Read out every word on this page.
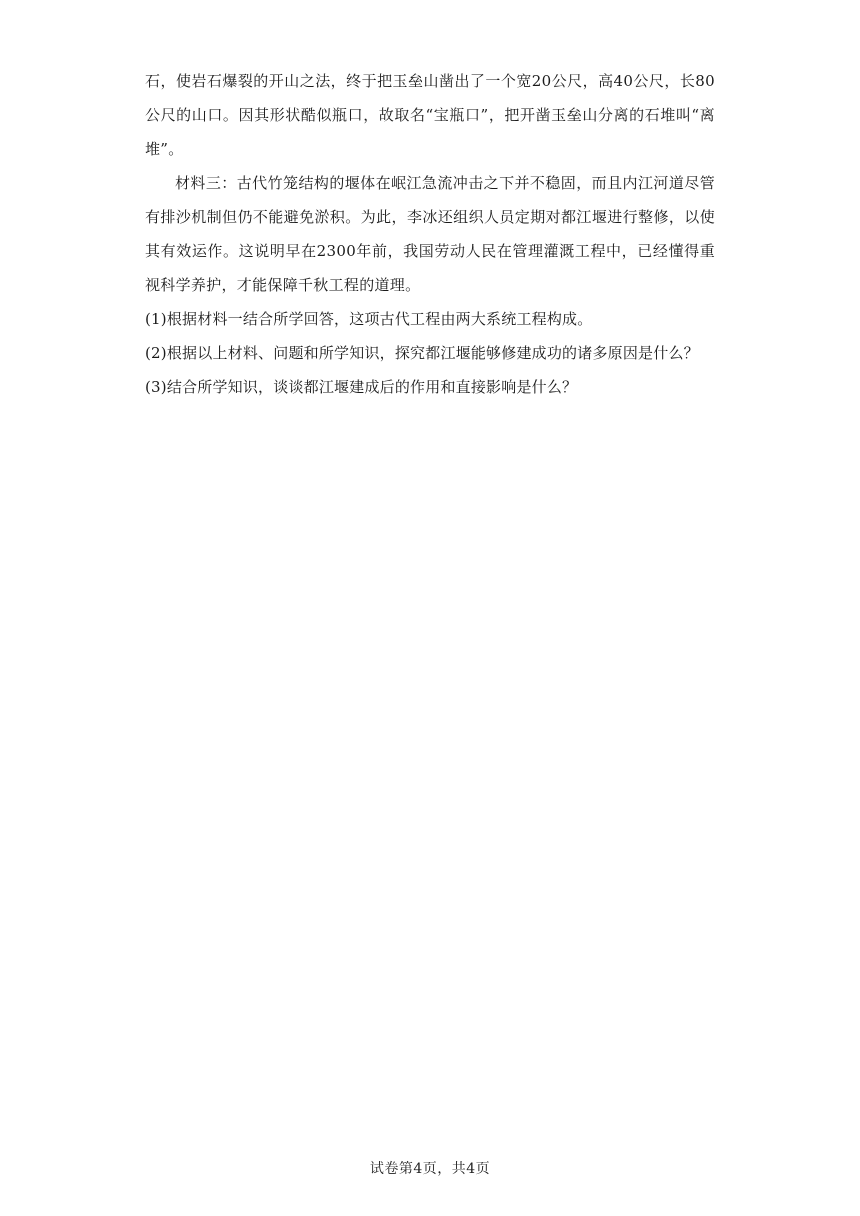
石，使岩石爆裂的开山之法，终于把玉垒山凿出了一个宽20公尺，高40公尺，长80公尺的山口。因其形状酷似瓶口，故取名“宝瓶口”，把开凿玉垒山分离的石堆叫“离堆”。

材料三：古代竹笼结构的堰体在岷江急流冲击之下并不稳固，而且内江河道尽管有排沙机制但仍不能避免淤积。为此，李冰还组织人员定期对都江堰进行整修，以使其有效运作。这说明早在2300年前，我国劳动人民在管理灌溉工程中，已经懂得重视科学养护，才能保障千秋工程的道理。

(1)根据材料一结合所学回答，这项古代工程由两大系统工程构成。

(2)根据以上材料、问题和所学知识，探究都江堰能够修建成功的诸多原因是什么？

(3)结合所学知识，谈谈都江堰建成后的作用和直接影响是什么？

试卷第4页，共4页
